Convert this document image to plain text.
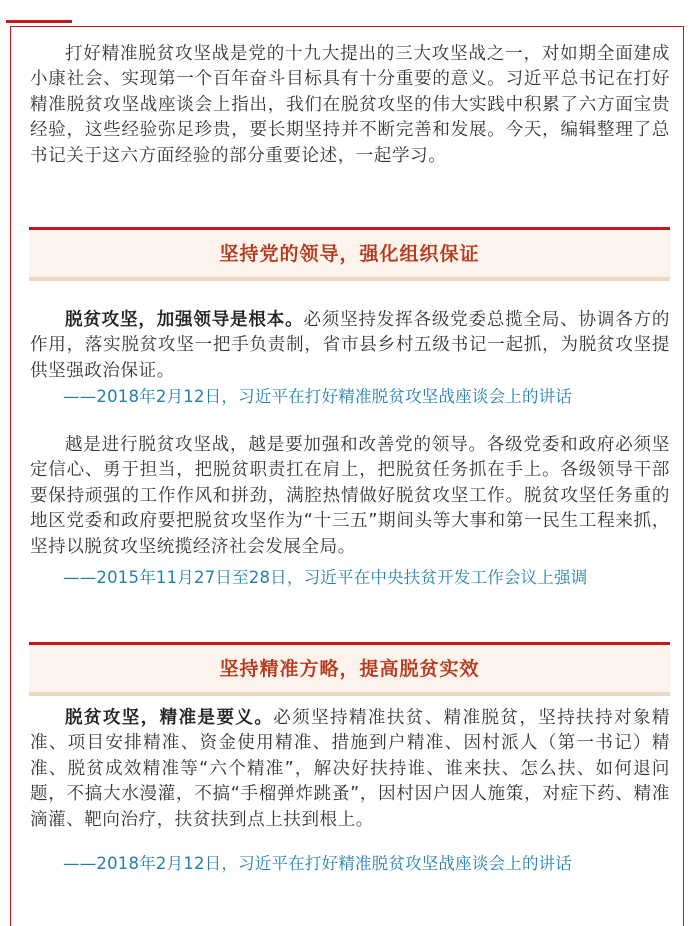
打好精准脱贫攻坚战是党的十九大提出的三大攻坚战之一，对如期全面建成小康社会、实现第一个百年奋斗目标具有十分重要的意义。习近平总书记在打好精准脱贫攻坚战座谈会上指出，我们在脱贫攻坚的伟大实践中积累了六方面宝贵经验，这些经验弥足珍贵，要长期坚持并不断完善和发展。今天，编辑整理了总书记关于这六方面经验的部分重要论述，一起学习。

坚持党的领导，强化组织保证

脱贫攻坚，加强领导是根本。必须坚持发挥各级党委总揽全局、协调各方的作用，落实脱贫攻坚一把手负责制，省市县乡村五级书记一起抓，为脱贫攻坚提供坚强政治保证。

——2018年2月12日，习近平在打好精准脱贫攻坚战座谈会上的讲话

越是进行脱贫攻坚战，越是要加强和改善党的领导。各级党委和政府必须坚定信心、勇于担当，把脱贫职责扛在肩上，把脱贫任务抓在手上。各级领导干部要保持顽强的工作作风和拼劲，满腔热情做好脱贫攻坚工作。脱贫攻坚任务重的地区党委和政府要把脱贫攻坚作为“十三五”期间头等大事和第一民生工程来抓，坚持以脱贫攻坚统揽经济社会发展全局。

——2015年11月27日至28日，习近平在中央扶贫开发工作会议上强调

坚持精准方略，提高脱贫实效

脱贫攻坚，精准是要义。必须坚持精准扶贫、精准脱贫，坚持扶持对象精准、项目安排精准、资金使用精准、措施到户精准、因村派人（第一书记）精准、脱贫成效精准等“六个精准”，解决好扶持谁、谁来扶、怎么扶、如何退问题，不搞大水漫灌，不搞“手榴弹炸跳蚤”，因村因户因人施策，对症下药、精准滴灌、靶向治疗，扶贫扶到点上扶到根上。

——2018年2月12日，习近平在打好精准脱贫攻坚战座谈会上的讲话
